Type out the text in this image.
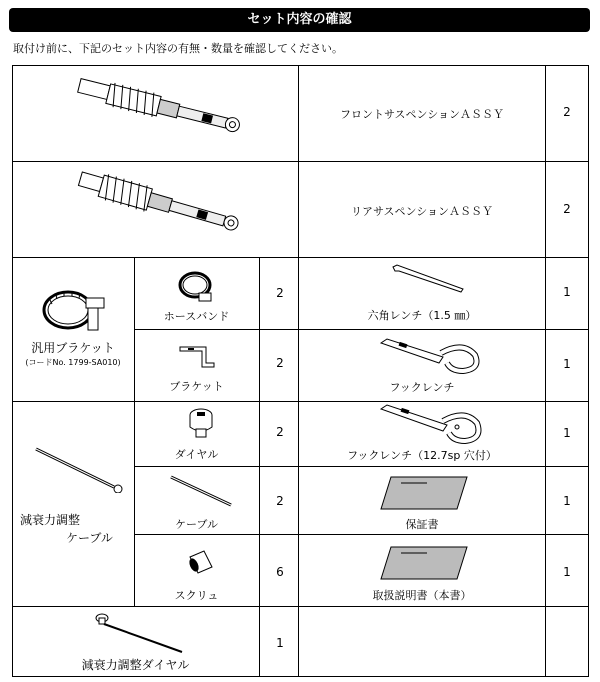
セット内容の確認
取付け前に、下記のセット内容の有無・数量を確認してください。
フロントサスペンションＡＳＳＹ	2
リアサスペンションＡＳＳＹ	2
汎用ブラケット
(コードNo. 1799-SA010)
ホースバンド
2
六角レンチ（1.5 ㎜）
1
ブラケット
2
フックレンチ
1
減衰力調整
ケーブル
ダイヤル
2
フックレンチ（12.7sp 穴付）
1
ケーブル
2
保証書
1
スクリュ
6
取扱説明書（本書）
1
減衰力調整ダイヤル
1
